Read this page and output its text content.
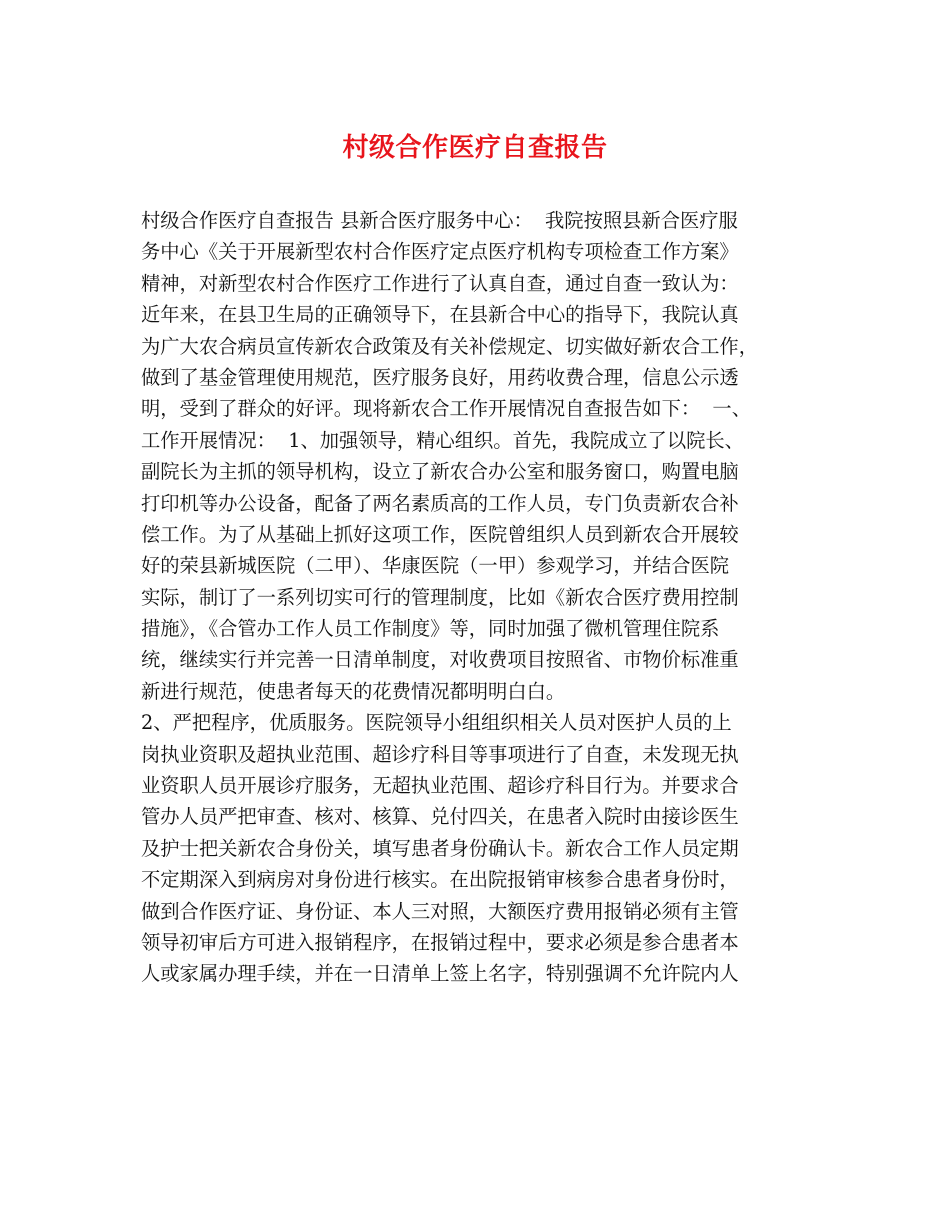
村级合作医疗自查报告
村级合作医疗自查报告 县新合医疗服务中心：  我院按照县新合医疗服
务中心《关于开展新型农村合作医疗定点医疗机构专项检查工作方案》
精神，对新型农村合作医疗工作进行了认真自查，通过自查一致认为：
近年来，在县卫生局的正确领导下，在县新合中心的指导下，我院认真
为广大农合病员宣传新农合政策及有关补偿规定、切实做好新农合工作，
做到了基金管理使用规范，医疗服务良好，用药收费合理，信息公示透
明，受到了群众的好评。现将新农合工作开展情况自查报告如下：  一、
工作开展情况：  1、加强领导，精心组织。首先，我院成立了以院长、
副院长为主抓的领导机构，设立了新农合办公室和服务窗口，购置电脑
打印机等办公设备，配备了两名素质高的工作人员，专门负责新农合补
偿工作。为了从基础上抓好这项工作，医院曾组织人员到新农合开展较
好的荣县新城医院（二甲）、华康医院（一甲）参观学习，并结合医院
实际，制订了一系列切实可行的管理制度，比如《新农合医疗费用控制
措施》，《合管办工作人员工作制度》等，同时加强了微机管理住院系
统，继续实行并完善一日清单制度，对收费项目按照省、市物价标准重
新进行规范，使患者每天的花费情况都明明白白。
2、严把程序，优质服务。医院领导小组组织相关人员对医护人员的上
岗执业资职及超执业范围、超诊疗科目等事项进行了自查，未发现无执
业资职人员开展诊疗服务，无超执业范围、超诊疗科目行为。并要求合
管办人员严把审查、核对、核算、兑付四关，在患者入院时由接诊医生
及护士把关新农合身份关，填写患者身份确认卡。新农合工作人员定期
不定期深入到病房对身份进行核实。在出院报销审核参合患者身份时，
做到合作医疗证、身份证、本人三对照，大额医疗费用报销必须有主管
领导初审后方可进入报销程序，在报销过程中，要求必须是参合患者本
人或家属办理手续，并在一日清单上签上名字，特别强调不允许院内人
